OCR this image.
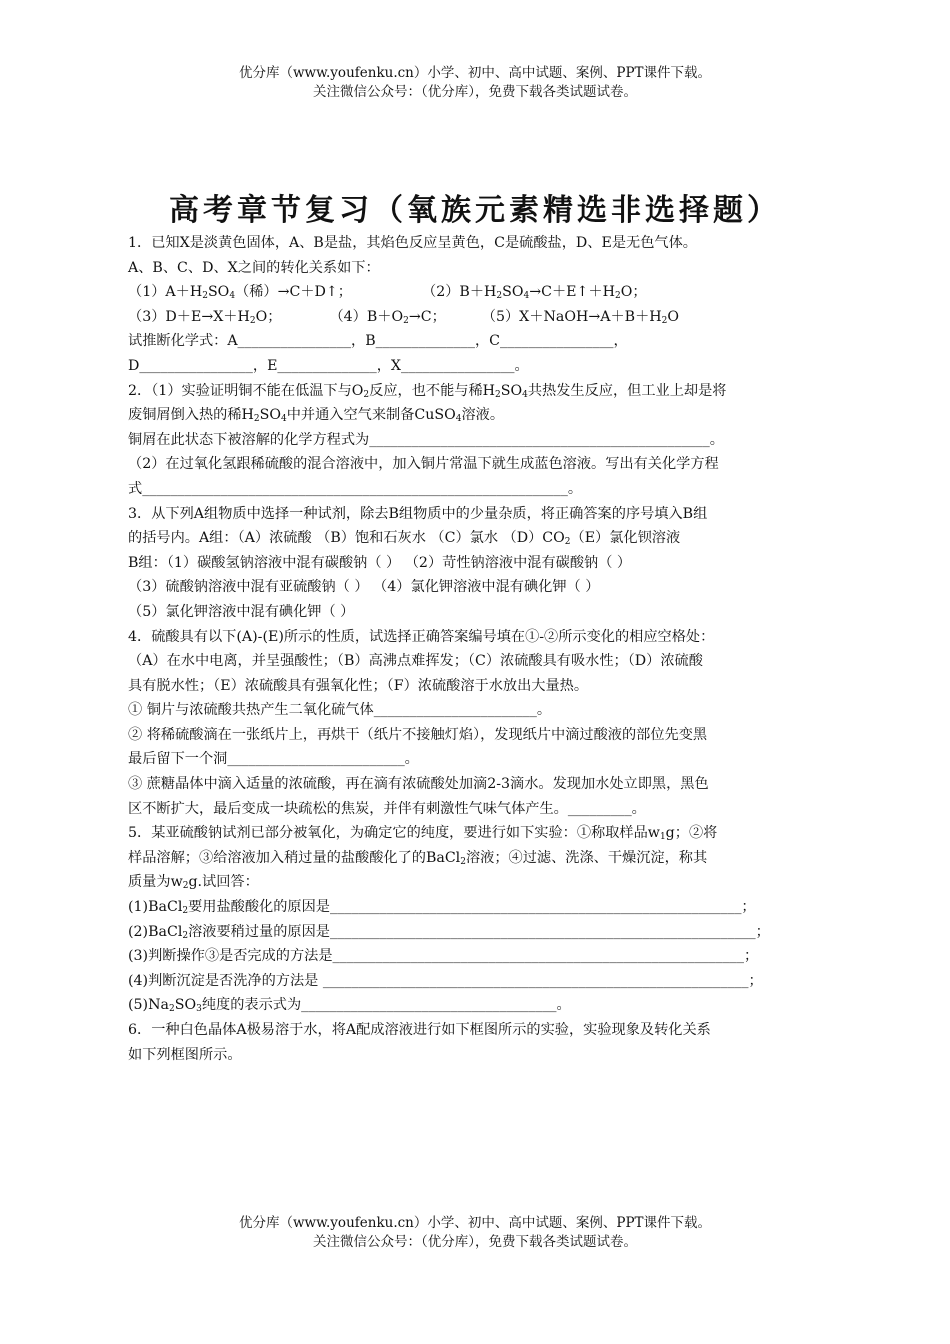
优分库（www.youfenku.cn）小学、初中、高中试题、案例、PPT课件下载。
关注微信公众号：（优分库），免费下载各类试题试卷。
高考章节复习（氧族元素精选非选择题）
1．已知X是淡黄色固体，A、B是盐，其焰色反应呈黄色，C是硫酸盐，D、E是无色气体。
A、B、C、D、X之间的转化关系如下：
$(1)A+H_2SO_4$（稀）→C＋D↑；	$(2)B+H_2SO_4\to C+E↑+H_2O$；
$(3)D+E\to X+H_2O$；	$(4)B+O_2\to C$；	$(5)X+NaOH\to A+B+H_2O$
试推断化学式：A________________，B______________，C________________，
D________________，E______________，X________________。
2．（1）实验证明铜不能在低温下与$O_2$反应，也不能与稀$H_2SO_4$共热发生反应，但工业上却是将
废铜屑倒入热的稀$H_2SO_4$中并通入空气来制备CuSO$_4$溶液。
铜屑在此状态下被溶解的化学方程式为________________________________________________。
（2）在过氧化氢跟稀硫酸的混合溶液中，加入铜片常温下就生成蓝色溶液。写出有关化学方程
式____________________________________________________________。
3．从下列A组物质中选择一种试剂，除去B组物质中的少量杂质，将正确答案的序号填入B组
的括号内。A组：（A）浓硫酸 （B）饱和石灰水 （C）氯水 $(D)CO_2(E)$氯化钡溶液
B组：（1）碳酸氢钠溶液中混有碳酸钠（ ） （2）苛性钠溶液中混有碳酸钠（ ）
（3）硫酸钠溶液中混有亚硫酸钠（ ） （4）氯化钾溶液中混有碘化钾（ ）
（5）氯化钾溶液中混有碘化钾（ ）
4．硫酸具有以下(A)-(E)所示的性质，试选择正确答案编号填在①-②所示变化的相应空格处：
（A）在水中电离，并呈强酸性；（B）高沸点难挥发；（C）浓硫酸具有吸水性；（D）浓硫酸
具有脱水性；（E）浓硫酸具有强氧化性；（F）浓硫酸溶于水放出大量热。
① 铜片与浓硫酸共热产生二氧化硫气体_______________________。
② 将稀硫酸滴在一张纸片上，再烘干（纸片不接触灯焰），发现纸片中滴过酸液的部位先变黑
最后留下一个洞_________________________。
③ 蔗糖晶体中滴入适量的浓硫酸，再在滴有浓硫酸处加滴2-3滴水。发现加水处立即黑，黑色
区不断扩大，最后变成一块疏松的焦炭，并伴有刺激性气味气体产生。_________。
5．某亚硫酸钠试剂已部分被氧化，为确定它的纯度，要进行如下实验：①称取样品$w_1g$；②将
样品溶解；③给溶液加入稍过量的盐酸酸化了的BaCl$_2$溶液；④过滤、洗涤、干燥沉淀，称其
质量为$w_2g$.试回答：
(1)BaCl$_2$要用盐酸酸化的原因是__________________________________________________________；
(2)BaCl$_2$溶液要稍过量的原因是____________________________________________________________；
(3)判断操作③是否完成的方法是__________________________________________________________；
(4)判断沉淀是否洗净的方法是 ____________________________________________________________；
$(5)Na_2SO_3$纯度的表示式为____________________________________。
6．一种白色晶体A极易溶于水，将A配成溶液进行如下框图所示的实验，实验现象及转化关系
如下列框图所示。
优分库（www.youfenku.cn）小学、初中、高中试题、案例、PPT课件下载。
关注微信公众号：（优分库），免费下载各类试题试卷。
